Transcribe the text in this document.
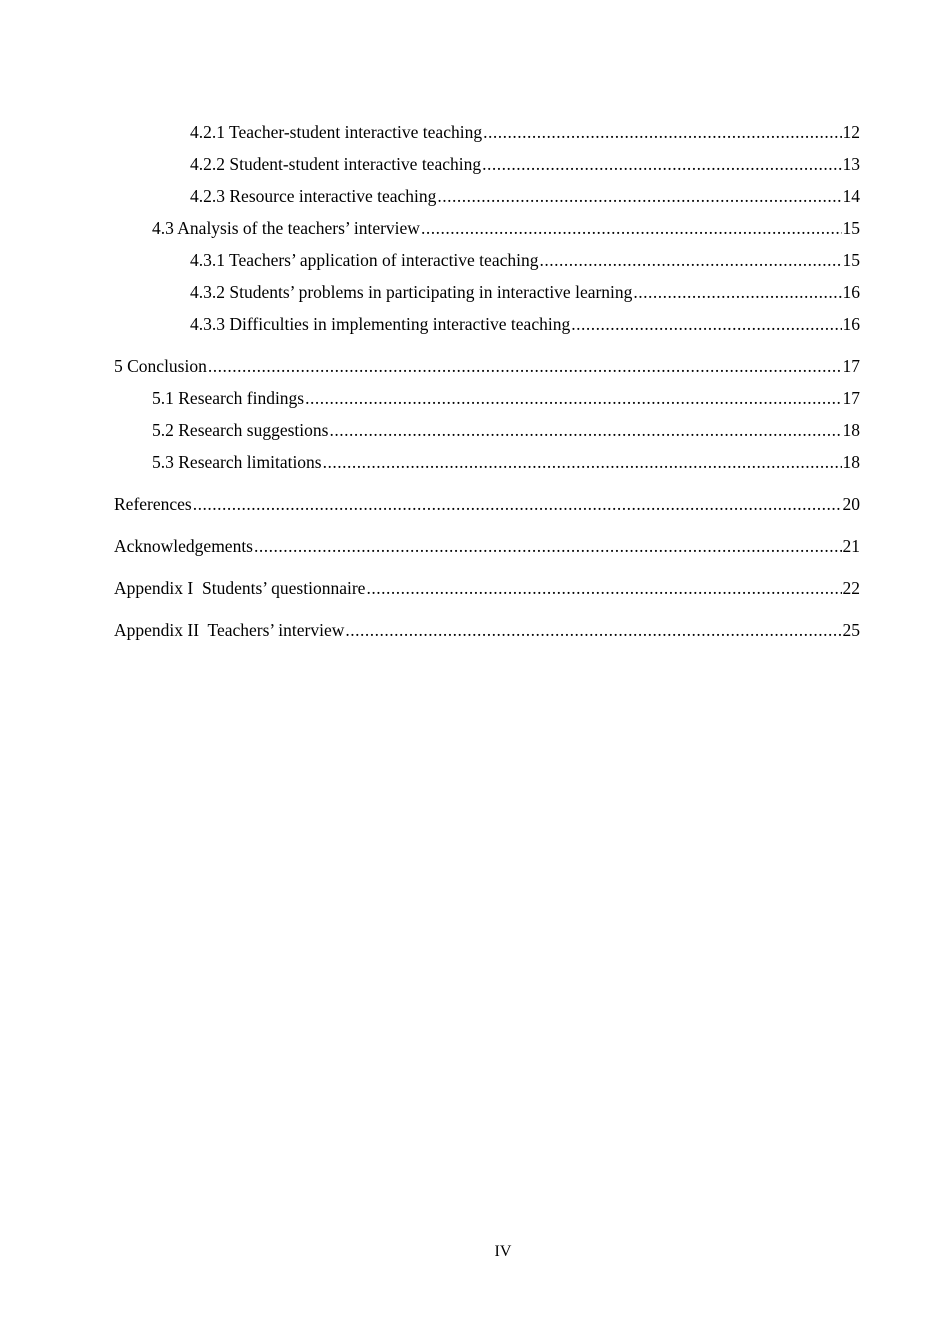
4.2.1 Teacher-student interactive teaching .....	12
4.2.2 Student-student interactive teaching .....	13
4.2.3 Resource interactive teaching .....	14
4.3 Analysis of the teachers’ interview .....	15
4.3.1 Teachers’ application of interactive teaching .....	15
4.3.2 Students’ problems in participating in interactive learning .....	16
4.3.3 Difficulties in implementing interactive teaching .....	16
5 Conclusion .....	17
5.1 Research findings .....	17
5.2 Research suggestions .....	18
5.3 Research limitations .....	18
References .....	20
Acknowledgements .....	21
Appendix I  Students’ questionnaire .....	22
Appendix II  Teachers’ interview .....	25
IV
